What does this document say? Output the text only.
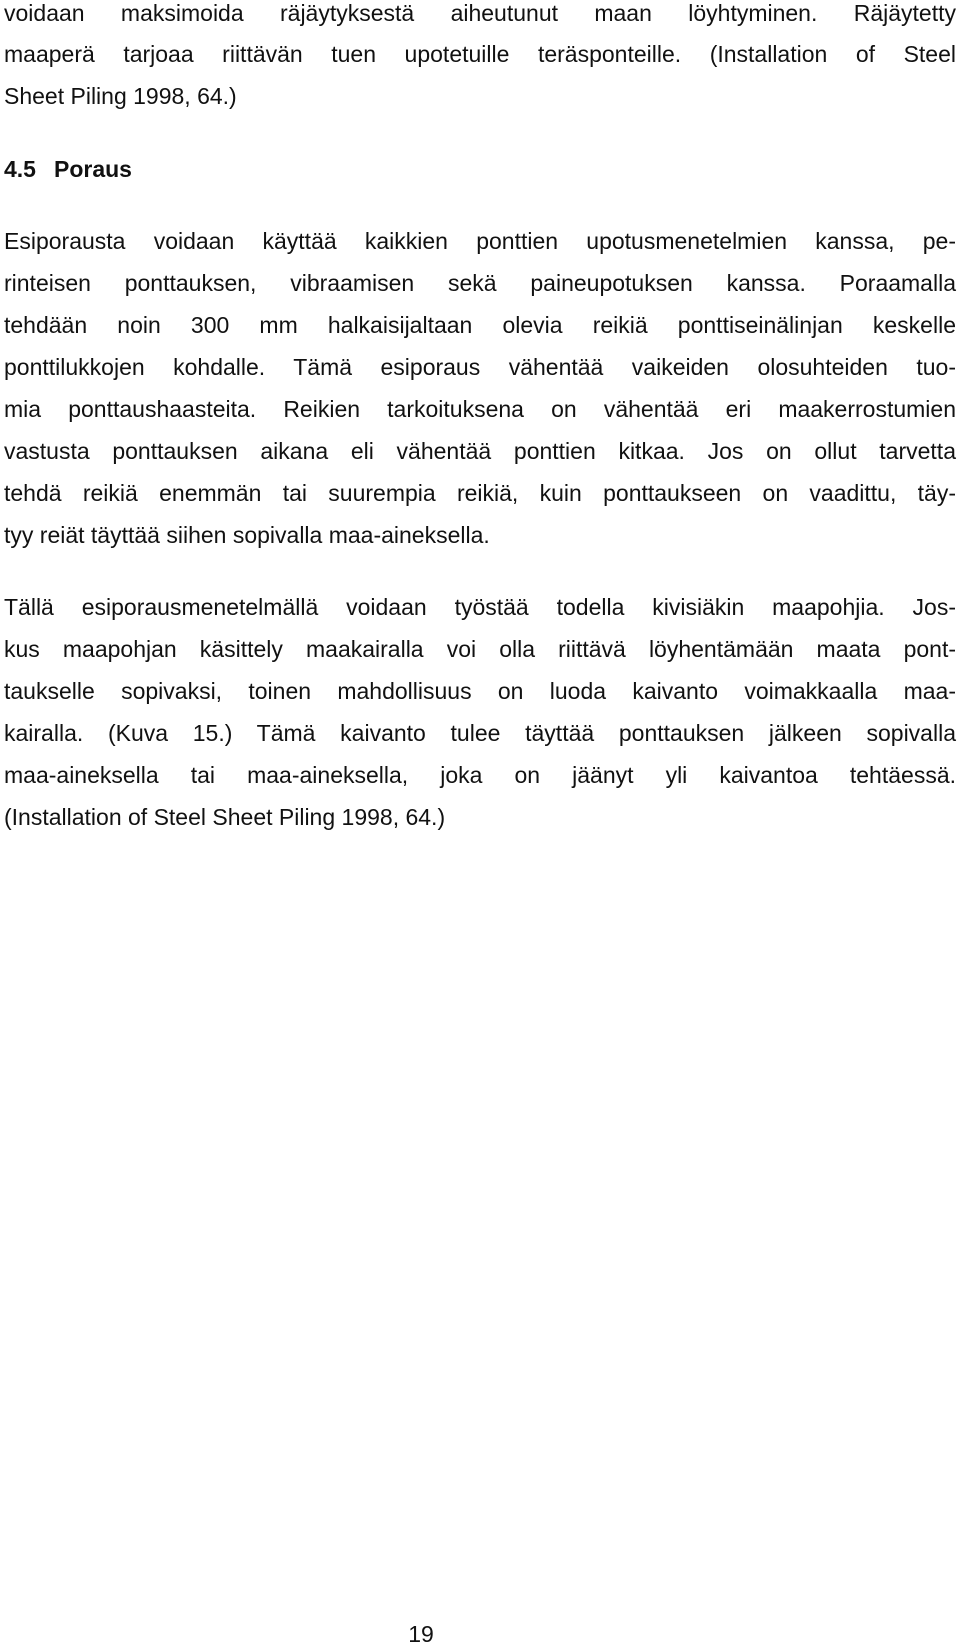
voidaan maksimoida räjäytyksestä aiheutunut maan löyhtyminen. Räjäytetty
maaperä tarjoaa riittävän tuen upotetuille teräsponteille. (Installation of Steel
Sheet Piling 1998, 64.)
4.5 Poraus
Esiporausta voidaan käyttää kaikkien ponttien upotusmenetelmien kanssa, pe-
rinteisen ponttauksen, vibraamisen sekä paineupotuksen kanssa. Poraamalla
tehdään noin 300 mm halkaisijaltaan olevia reikiä ponttiseinälinjan keskelle
ponttilukkojen kohdalle. Tämä esiporaus vähentää vaikeiden olosuhteiden tuo-
mia ponttaushaasteita. Reikien tarkoituksena on vähentää eri maakerrostumien
vastusta ponttauksen aikana eli vähentää ponttien kitkaa. Jos on ollut tarvetta
tehdä reikiä enemmän tai suurempia reikiä, kuin ponttaukseen on vaadittu, täy-
tyy reiät täyttää siihen sopivalla maa-aineksella.
Tällä esiporausmenetelmällä voidaan työstää todella kivisiäkin maapohjia. Jos-
kus maapohjan käsittely maakairalla voi olla riittävä löyhentämään maata pont-
taukselle sopivaksi, toinen mahdollisuus on luoda kaivanto voimakkaalla maa-
kairalla. (Kuva 15.) Tämä kaivanto tulee täyttää ponttauksen jälkeen sopivalla
maa-aineksella tai maa-aineksella, joka on jäänyt yli kaivantoa tehtäessä.
(Installation of Steel Sheet Piling 1998, 64.)
19
